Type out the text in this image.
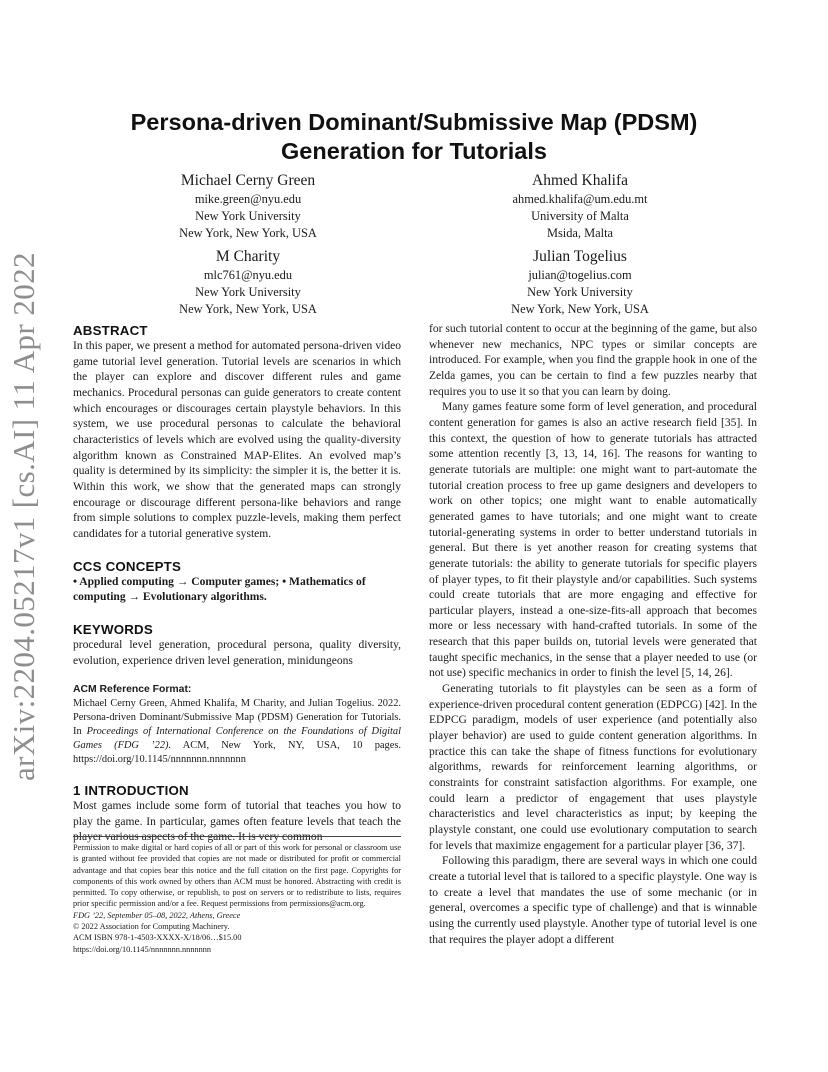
arXiv:2204.05217v1 [cs.AI] 11 Apr 2022
Persona-driven Dominant/Submissive Map (PDSM)
Generation for Tutorials
Michael Cerny Green
mike.green@nyu.edu
New York University
New York, New York, USA
Ahmed Khalifa
ahmed.khalifa@um.edu.mt
University of Malta
Msida, Malta
M Charity
mlc761@nyu.edu
New York University
New York, New York, USA
Julian Togelius
julian@togelius.com
New York University
New York, New York, USA
ABSTRACT

In this paper, we present a method for automated persona-driven video game tutorial level generation. Tutorial levels are scenarios in which the player can explore and discover different rules and game mechanics. Procedural personas can guide generators to create content which encourages or discourages certain playstyle behaviors. In this system, we use procedural personas to calculate the behavioral characteristics of levels which are evolved using the quality-diversity algorithm known as Constrained MAP-Elites. An evolved map’s quality is determined by its simplicity: the simpler it is, the better it is. Within this work, we show that the generated maps can strongly encourage or discourage different persona-like behaviors and range from simple solutions to complex puzzle-levels, making them perfect candidates for a tutorial generative system.

CCS CONCEPTS

• Applied computing → Computer games; • Mathematics of computing → Evolutionary algorithms.

KEYWORDS

procedural level generation, procedural persona, quality diversity, evolution, experience driven level generation, minidungeons

ACM Reference Format:

Michael Cerny Green, Ahmed Khalifa, M Charity, and Julian Togelius. 2022. Persona-driven Dominant/Submissive Map (PDSM) Generation for Tutorials. In Proceedings of International Conference on the Foundations of Digital Games (FDG ’22). ACM, New York, NY, USA, 10 pages. https://doi.org/10.1145/nnnnnnn.nnnnnnn

1 INTRODUCTION

Most games include some form of tutorial that teaches you how to play the game. In particular, games often feature levels that teach the player various aspects of the game. It is very common

Permission to make digital or hard copies of all or part of this work for personal or classroom use is granted without fee provided that copies are not made or distributed for profit or commercial advantage and that copies bear this notice and the full citation on the first page. Copyrights for components of this work owned by others than ACM must be honored. Abstracting with credit is permitted. To copy otherwise, or republish, to post on servers or to redistribute to lists, requires prior specific permission and/or a fee. Request permissions from permissions@acm.org.

FDG ’22, September 05–08, 2022, Athens, Greece

© 2022 Association for Computing Machinery.

ACM ISBN 978-1-4503-XXXX-X/18/06…$15.00

https://doi.org/10.1145/nnnnnnn.nnnnnnn

for such tutorial content to occur at the beginning of the game, but also whenever new mechanics, NPC types or similar concepts are introduced. For example, when you find the grapple hook in one of the Zelda games, you can be certain to find a few puzzles nearby that requires you to use it so that you can learn by doing.

Many games feature some form of level generation, and procedural content generation for games is also an active research field [35]. In this context, the question of how to generate tutorials has attracted some attention recently [3, 13, 14, 16]. The reasons for wanting to generate tutorials are multiple: one might want to part-automate the tutorial creation process to free up game designers and developers to work on other topics; one might want to enable automatically generated games to have tutorials; and one might want to create tutorial-generating systems in order to better understand tutorials in general. But there is yet another reason for creating systems that generate tutorials: the ability to generate tutorials for specific players of player types, to fit their playstyle and/or capabilities. Such systems could create tutorials that are more engaging and effective for particular players, instead a one-size-fits-all approach that becomes more or less necessary with hand-crafted tutorials. In some of the research that this paper builds on, tutorial levels were generated that taught specific mechanics, in the sense that a player needed to use (or not use) specific mechanics in order to finish the level [5, 14, 26].

Generating tutorials to fit playstyles can be seen as a form of experience-driven procedural content generation (EDPCG) [42]. In the EDPCG paradigm, models of user experience (and potentially also player behavior) are used to guide content generation algorithms. In practice this can take the shape of fitness functions for evolutionary algorithms, rewards for reinforcement learning algorithms, or constraints for constraint satisfaction algorithms. For example, one could learn a predictor of engagement that uses playstyle characteristics and level characteristics as input; by keeping the playstyle constant, one could use evolutionary computation to search for levels that maximize engagement for a particular player [36, 37].

Following this paradigm, there are several ways in which one could create a tutorial level that is tailored to a specific playstyle. One way is to create a level that mandates the use of some mechanic (or in general, overcomes a specific type of challenge) and that is winnable using the currently used playstyle. Another type of tutorial level is one that requires the player adopt a different
